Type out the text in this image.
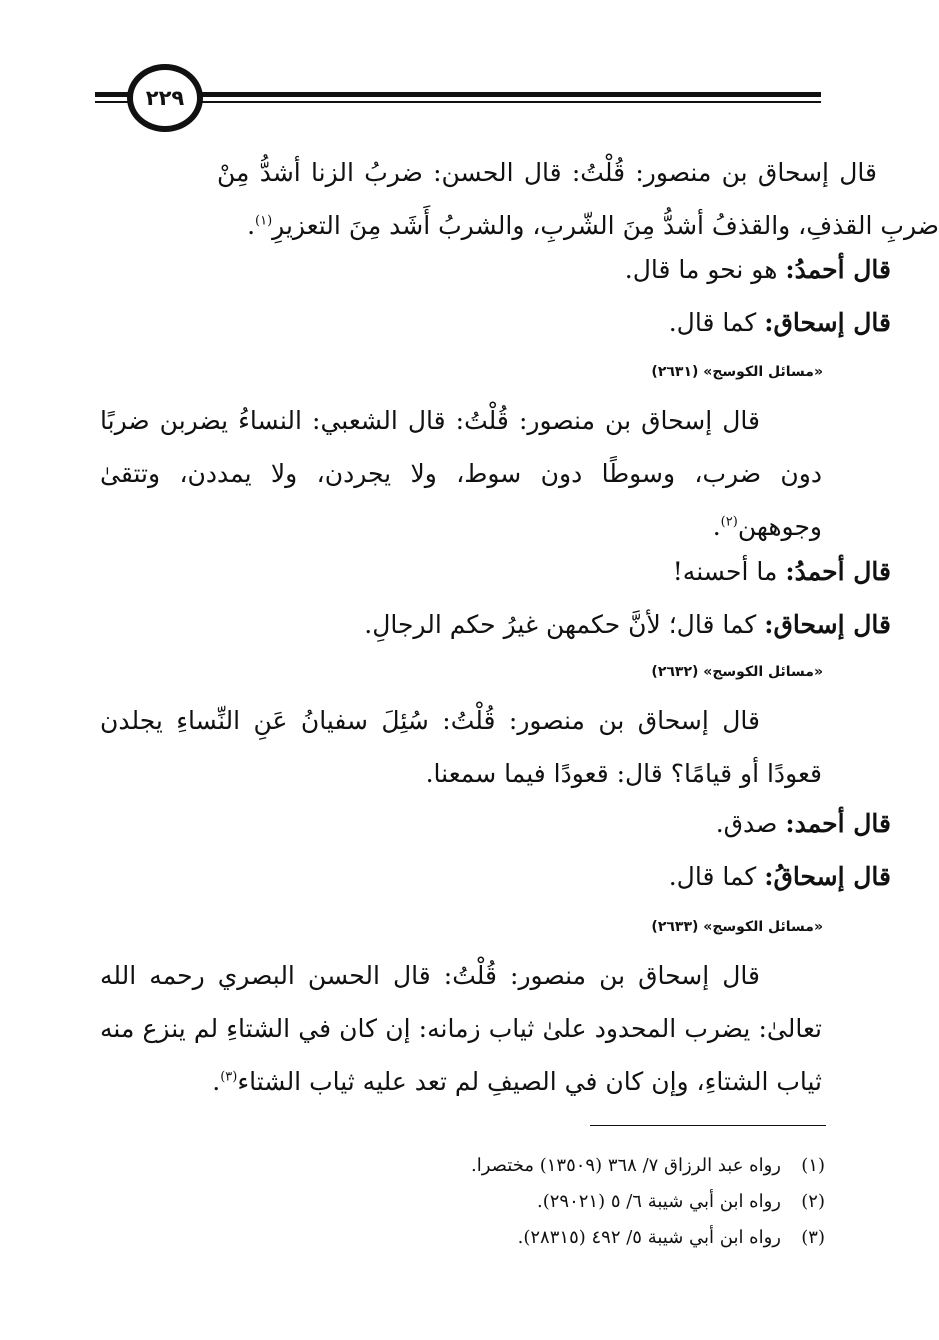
٢٢٩
قال إسحاق بن منصور: قُلْتُ: قال الحسن: ضربُ الزنا أشدُّ مِنْ ضربِ القذفِ، والقذفُ أشدُّ مِنَ الشّربِ، والشربُ أَشَد مِنَ التعزيرِ$^{(١)}$.
قال أحمدُ: هو نحو ما قال.
قال إسحاق: كما قال.
«مسائل الكوسج» (٢٦٣١)
قال إسحاق بن منصور: قُلْتُ: قال الشعبي: النساءُ يضربن ضربًا دون ضرب، وسوطًا دون سوط، ولا يجردن، ولا يمددن، وتتقىٰ وجوههن$^{(٢)}$.
قال أحمدُ: ما أحسنه!
قال إسحاق: كما قال؛ لأنَّ حكمهن غيرُ حكم الرجالِ.
«مسائل الكوسج» (٢٦٣٢)
قال إسحاق بن منصور: قُلْتُ: سُئِلَ سفيانُ عَنِ النِّساءِ يجلدن قعودًا أو قيامًا؟ قال: قعودًا فيما سمعنا.
قال أحمد: صدق.
قال إسحاقُ: كما قال.
«مسائل الكوسج» (٢٦٣٣)
قال إسحاق بن منصور: قُلْتُ: قال الحسن البصري رحمه الله تعالىٰ: يضرب المحدود علىٰ ثياب زمانه: إن كان في الشتاءِ لم ينزع منه ثياب الشتاءِ، وإن كان في الصيفِ لم تعد عليه ثياب الشتاء$^{(٣)}$.
(١)رواه عبد الرزاق ٧/ ٣٦٨ (١٣٥٠٩) مختصرا.
(٢)رواه ابن أبي شيبة ٦/ ٥ (٢٩٠٢١).
(٣)رواه ابن أبي شيبة ٥/ ٤٩٢ (٢٨٣١٥).
